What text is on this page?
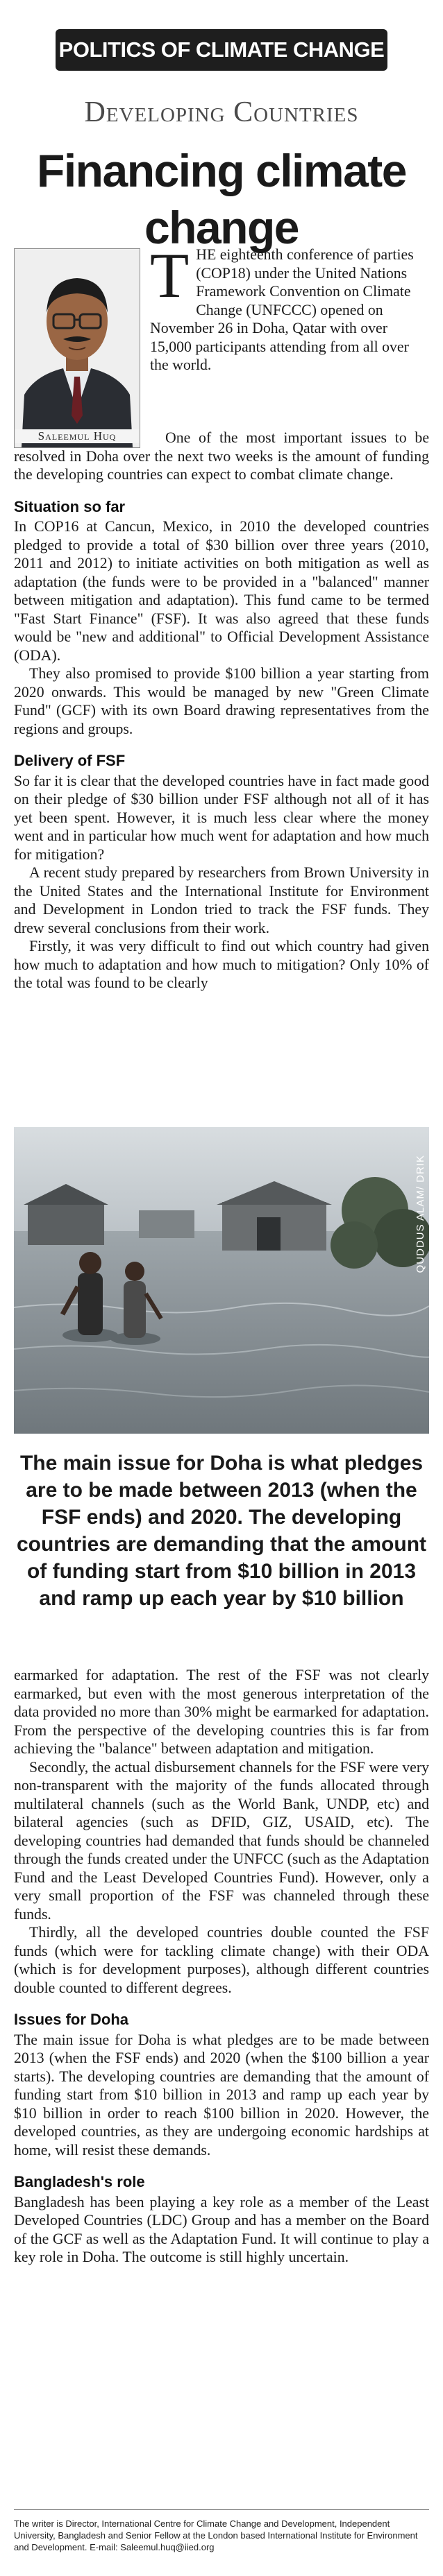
POLITICS OF CLIMATE CHANGE
Developing Countries
Financing climate change
Saleemul Huq
T HE eighteenth conference of parties (COP18) under the United Nations Framework Convention on Climate Change (UNFCCC) opened on November 26 in Doha, Qatar with over 15,000 participants attending from all over the world.

One of the most important issues to be resolved in Doha over the next two weeks is the amount of funding the developing countries can expect to combat climate change.

Situation so far

In COP16 at Cancun, Mexico, in 2010 the developed countries pledged to provide a total of $30 billion over three years (2010, 2011 and 2012) to initiate activities on both mitigation as well as adaptation (the funds were to be provided in a "balanced" manner between mitigation and adaptation). This fund came to be termed "Fast Start Finance" (FSF). It was also agreed that these funds would be "new and additional" to Official Development Assistance (ODA).

They also promised to provide $100 billion a year starting from 2020 onwards. This would be managed by new "Green Climate Fund" (GCF) with its own Board drawing representatives from the regions and groups.

Delivery of FSF

So far it is clear that the developed countries have in fact made good on their pledge of $30 billion under FSF although not all of it has yet been spent. However, it is much less clear where the money went and in particular how much went for adaptation and how much for mitigation?

A recent study prepared by researchers from Brown University in the United States and the International Institute for Environment and Development in London tried to track the FSF funds. They drew several conclusions from their work.

Firstly, it was very difficult to find out which country had given how much to adaptation and how much to mitigation? Only 10% of the total was found to be clearly

QUDDUS ALAM/ DRIK
The main issue for Doha is what pledges are to be made between 2013 (when the FSF ends) and 2020. The developing countries are demanding that the amount of funding start from $10 billion in 2013 and ramp up each year by $10 billion

earmarked for adaptation. The rest of the FSF was not clearly earmarked, but even with the most generous interpretation of the data provided no more than 30% might be earmarked for adaptation. From the perspective of the developing countries this is far from achieving the "balance" between adaptation and mitigation.

Secondly, the actual disbursement channels for the FSF were very non-transparent with the majority of the funds allocated through multilateral channels (such as the World Bank, UNDP, etc) and bilateral agencies (such as DFID, GIZ, USAID, etc). The developing countries had demanded that funds should be channeled through the funds created under the UNFCC (such as the Adaptation Fund and the Least Developed Countries Fund). However, only a very small proportion of the FSF was channeled through these funds.

Thirdly, all the developed countries double counted the FSF funds (which were for tackling climate change) with their ODA (which is for development purposes), although different countries double counted to different degrees.

Issues for Doha

The main issue for Doha is what pledges are to be made between 2013 (when the FSF ends) and 2020 (when the $100 billion a year starts). The developing countries are demanding that the amount of funding start from $10 billion in 2013 and ramp up each year by $10 billion in order to reach $100 billion in 2020. However, the developed countries, as they are undergoing economic hardships at home, will resist these demands.

Bangladesh's role

Bangladesh has been playing a key role as a member of the Least Developed Countries (LDC) Group and has a member on the Board of the GCF as well as the Adaptation Fund. It will continue to play a key role in Doha. The outcome is still highly uncertain.

The writer is Director, International Centre for Climate Change and Development, Independent University, Bangladesh and Senior Fellow at the London based International Institute for Environment and Development. E-mail: Saleemul.huq@iied.org
